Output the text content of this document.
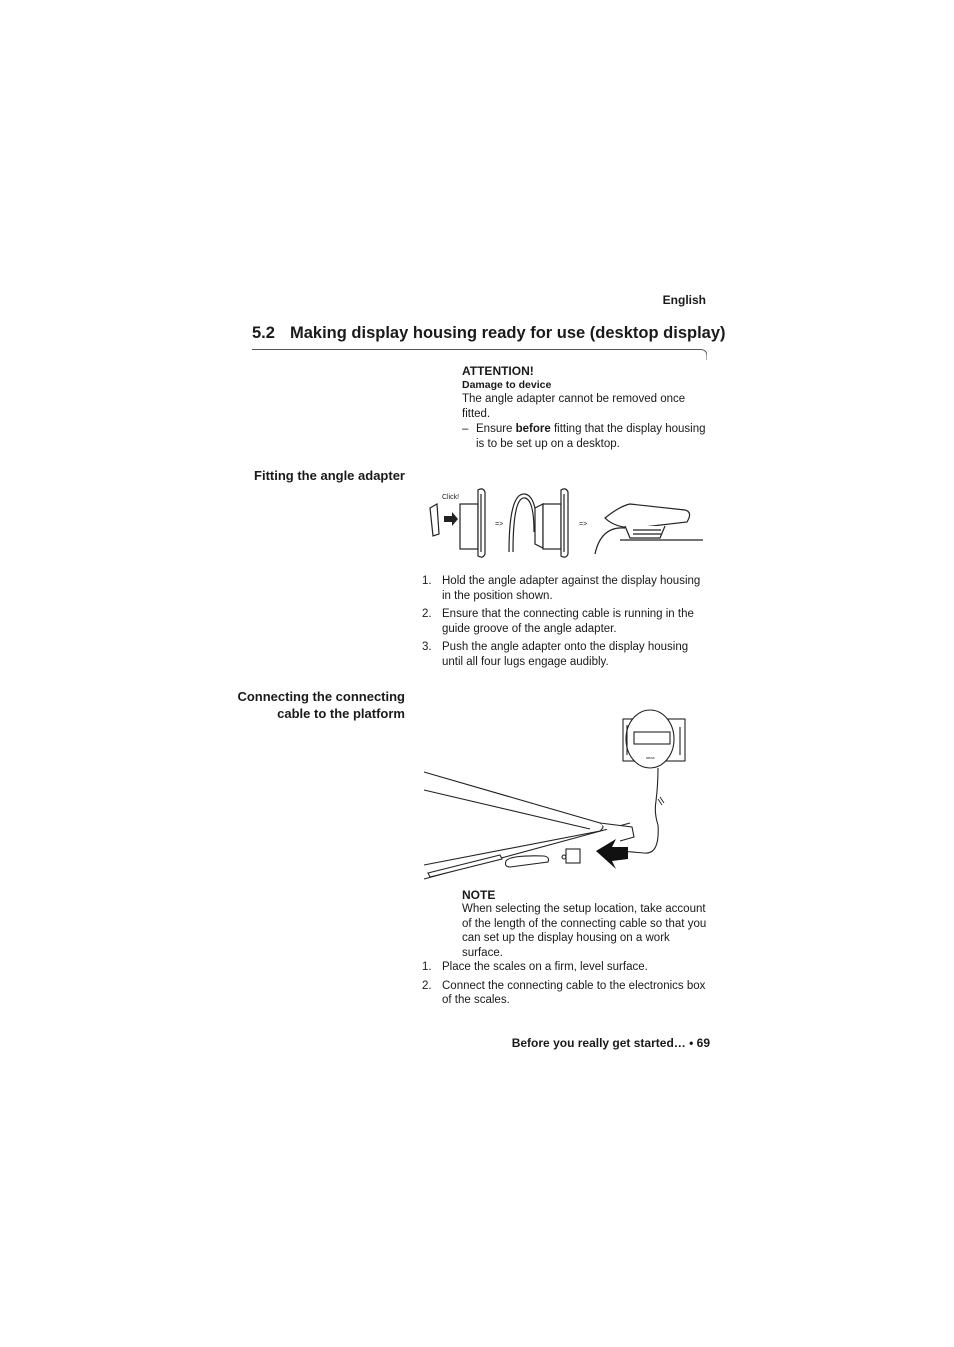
English
5.2 Making display housing ready for use (desktop display)
ATTENTION!
Damage to device
The angle adapter cannot be removed once fitted.
– Ensure before fitting that the display housing is to be set up on a desktop.
Fitting the angle adapter
Click!
=>	=>
1. Hold the angle adapter against the display housing in the position shown.
2. Ensure that the connecting cable is running in the guide groove of the angle adapter.
3. Push the angle adapter onto the display housing until all four lugs engage audibly.
Connecting the connecting cable to the platform
seca
NOTE
When selecting the setup location, take account of the length of the connecting cable so that you can set up the display housing on a work surface.
1. Place the scales on a firm, level surface.
2. Connect the connecting cable to the electronics box of the scales.
Before you really get started… • 69
